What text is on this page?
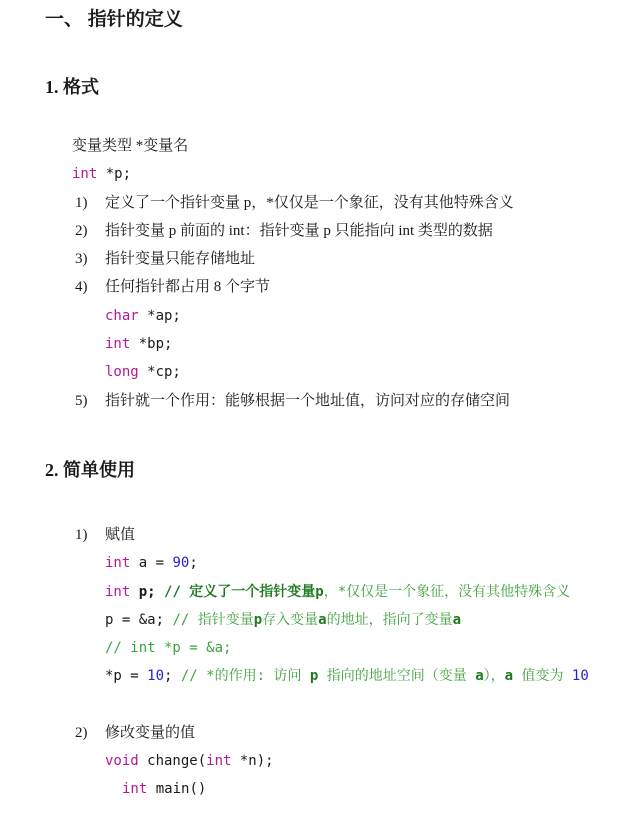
一、 指针的定义
1. 格式
变量类型 *变量名
int *p;
1) 定义了一个指针变量 p，*仅仅是一个象征，没有其他特殊含义
2) 指针变量 p 前面的 int：指针变量 p 只能指向 int 类型的数据
3) 指针变量只能存储地址
4) 任何指针都占用 8 个字节
char *ap;
int *bp;
long *cp;
5) 指针就一个作用：能够根据一个地址值，访问对应的存储空间
2. 简单使用
1) 赋值
int a = 90;
int p; // 定义了一个指针变量p，*仅仅是一个象征，没有其他特殊含义
p = &a; // 指针变量p存入变量a的地址，指向了变量a
// int *p = &a;
*p = 10; // *的作用: 访问 p 指向的地址空间（变量 a），a 值变为 10
2) 修改变量的值
void change(int *n);
int main()
